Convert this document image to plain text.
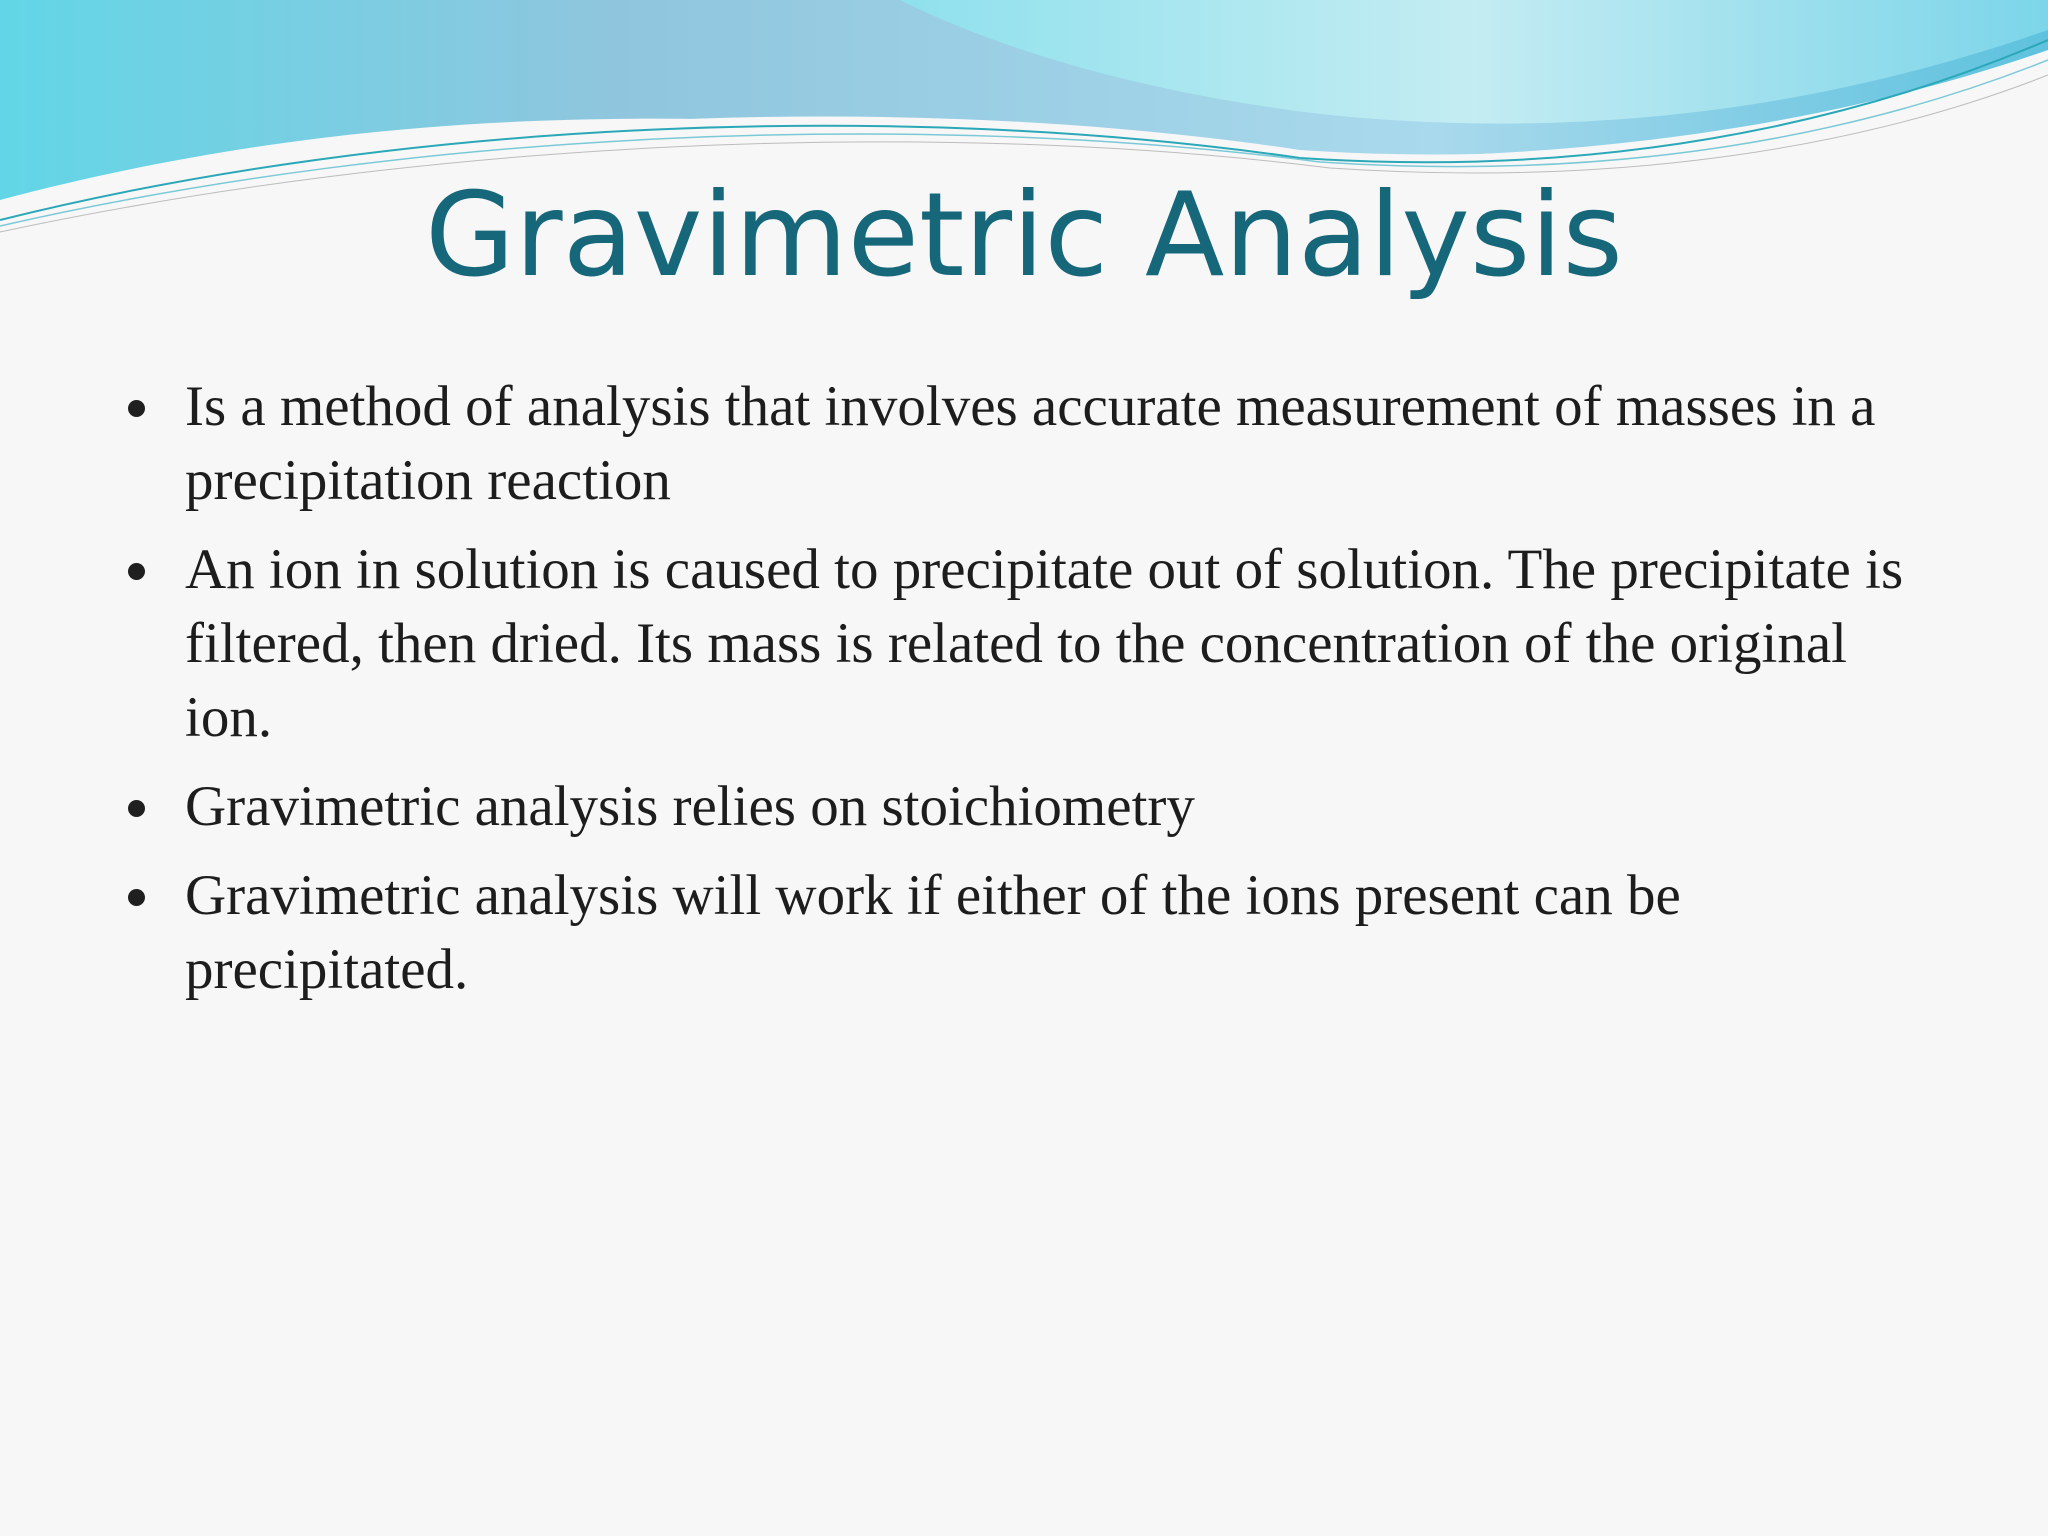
Gravimetric Analysis
Is a method of analysis that involves accurate measurement of masses in a precipitation reaction
An ion in solution is caused to precipitate out of solution. The precipitate is filtered, then dried. Its mass is related to the concentration of the original ion.
Gravimetric analysis relies on stoichiometry
Gravimetric analysis will work if either of the ions present can be precipitated.
